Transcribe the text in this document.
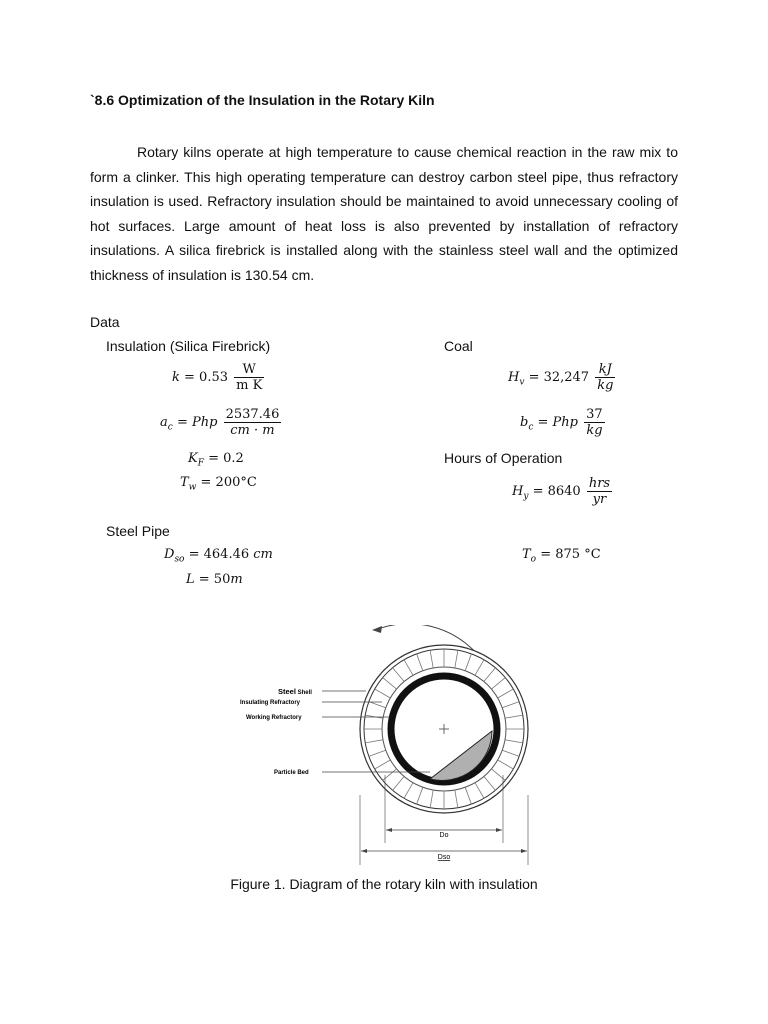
`8.6 Optimization of the Insulation in the Rotary Kiln

Rotary kilns operate at high temperature to cause chemical reaction in the raw mix to form a clinker. This high operating temperature can destroy carbon steel pipe, thus refractory insulation is used. Refractory insulation should be maintained to avoid unnecessary cooling of hot surfaces. Large amount of heat loss is also prevented by installation of refractory insulations. A silica firebrick is installed along with the stainless steel wall and the optimized thickness of insulation is 130.54 cm.

Data
Insulation (Silica Firebrick)	Coal
$k = 0.53 \frac{W}{\text{m K}}$	$H_v = 32,247 \frac{kJ}{kg}$
$a_c$ = Php $\frac{2537.46}{cm \cdot m}$	$b_c$ = Php $\frac{37}{kg}$
$K_F = 0.2$	Hours of Operation
$T_w = 200^\circ C$
$H_y = 8640 \frac{\text{hrs}}{yr}$
Steel Pipe
$D_{so} = 464.46$ cm	$T_o = 875$ °C
L = 50m
Steel Shell
Insulating Refractory
Working Refractory
Particle Bed
Do
Dso
Figure 1. Diagram of the rotary kiln with insulation
